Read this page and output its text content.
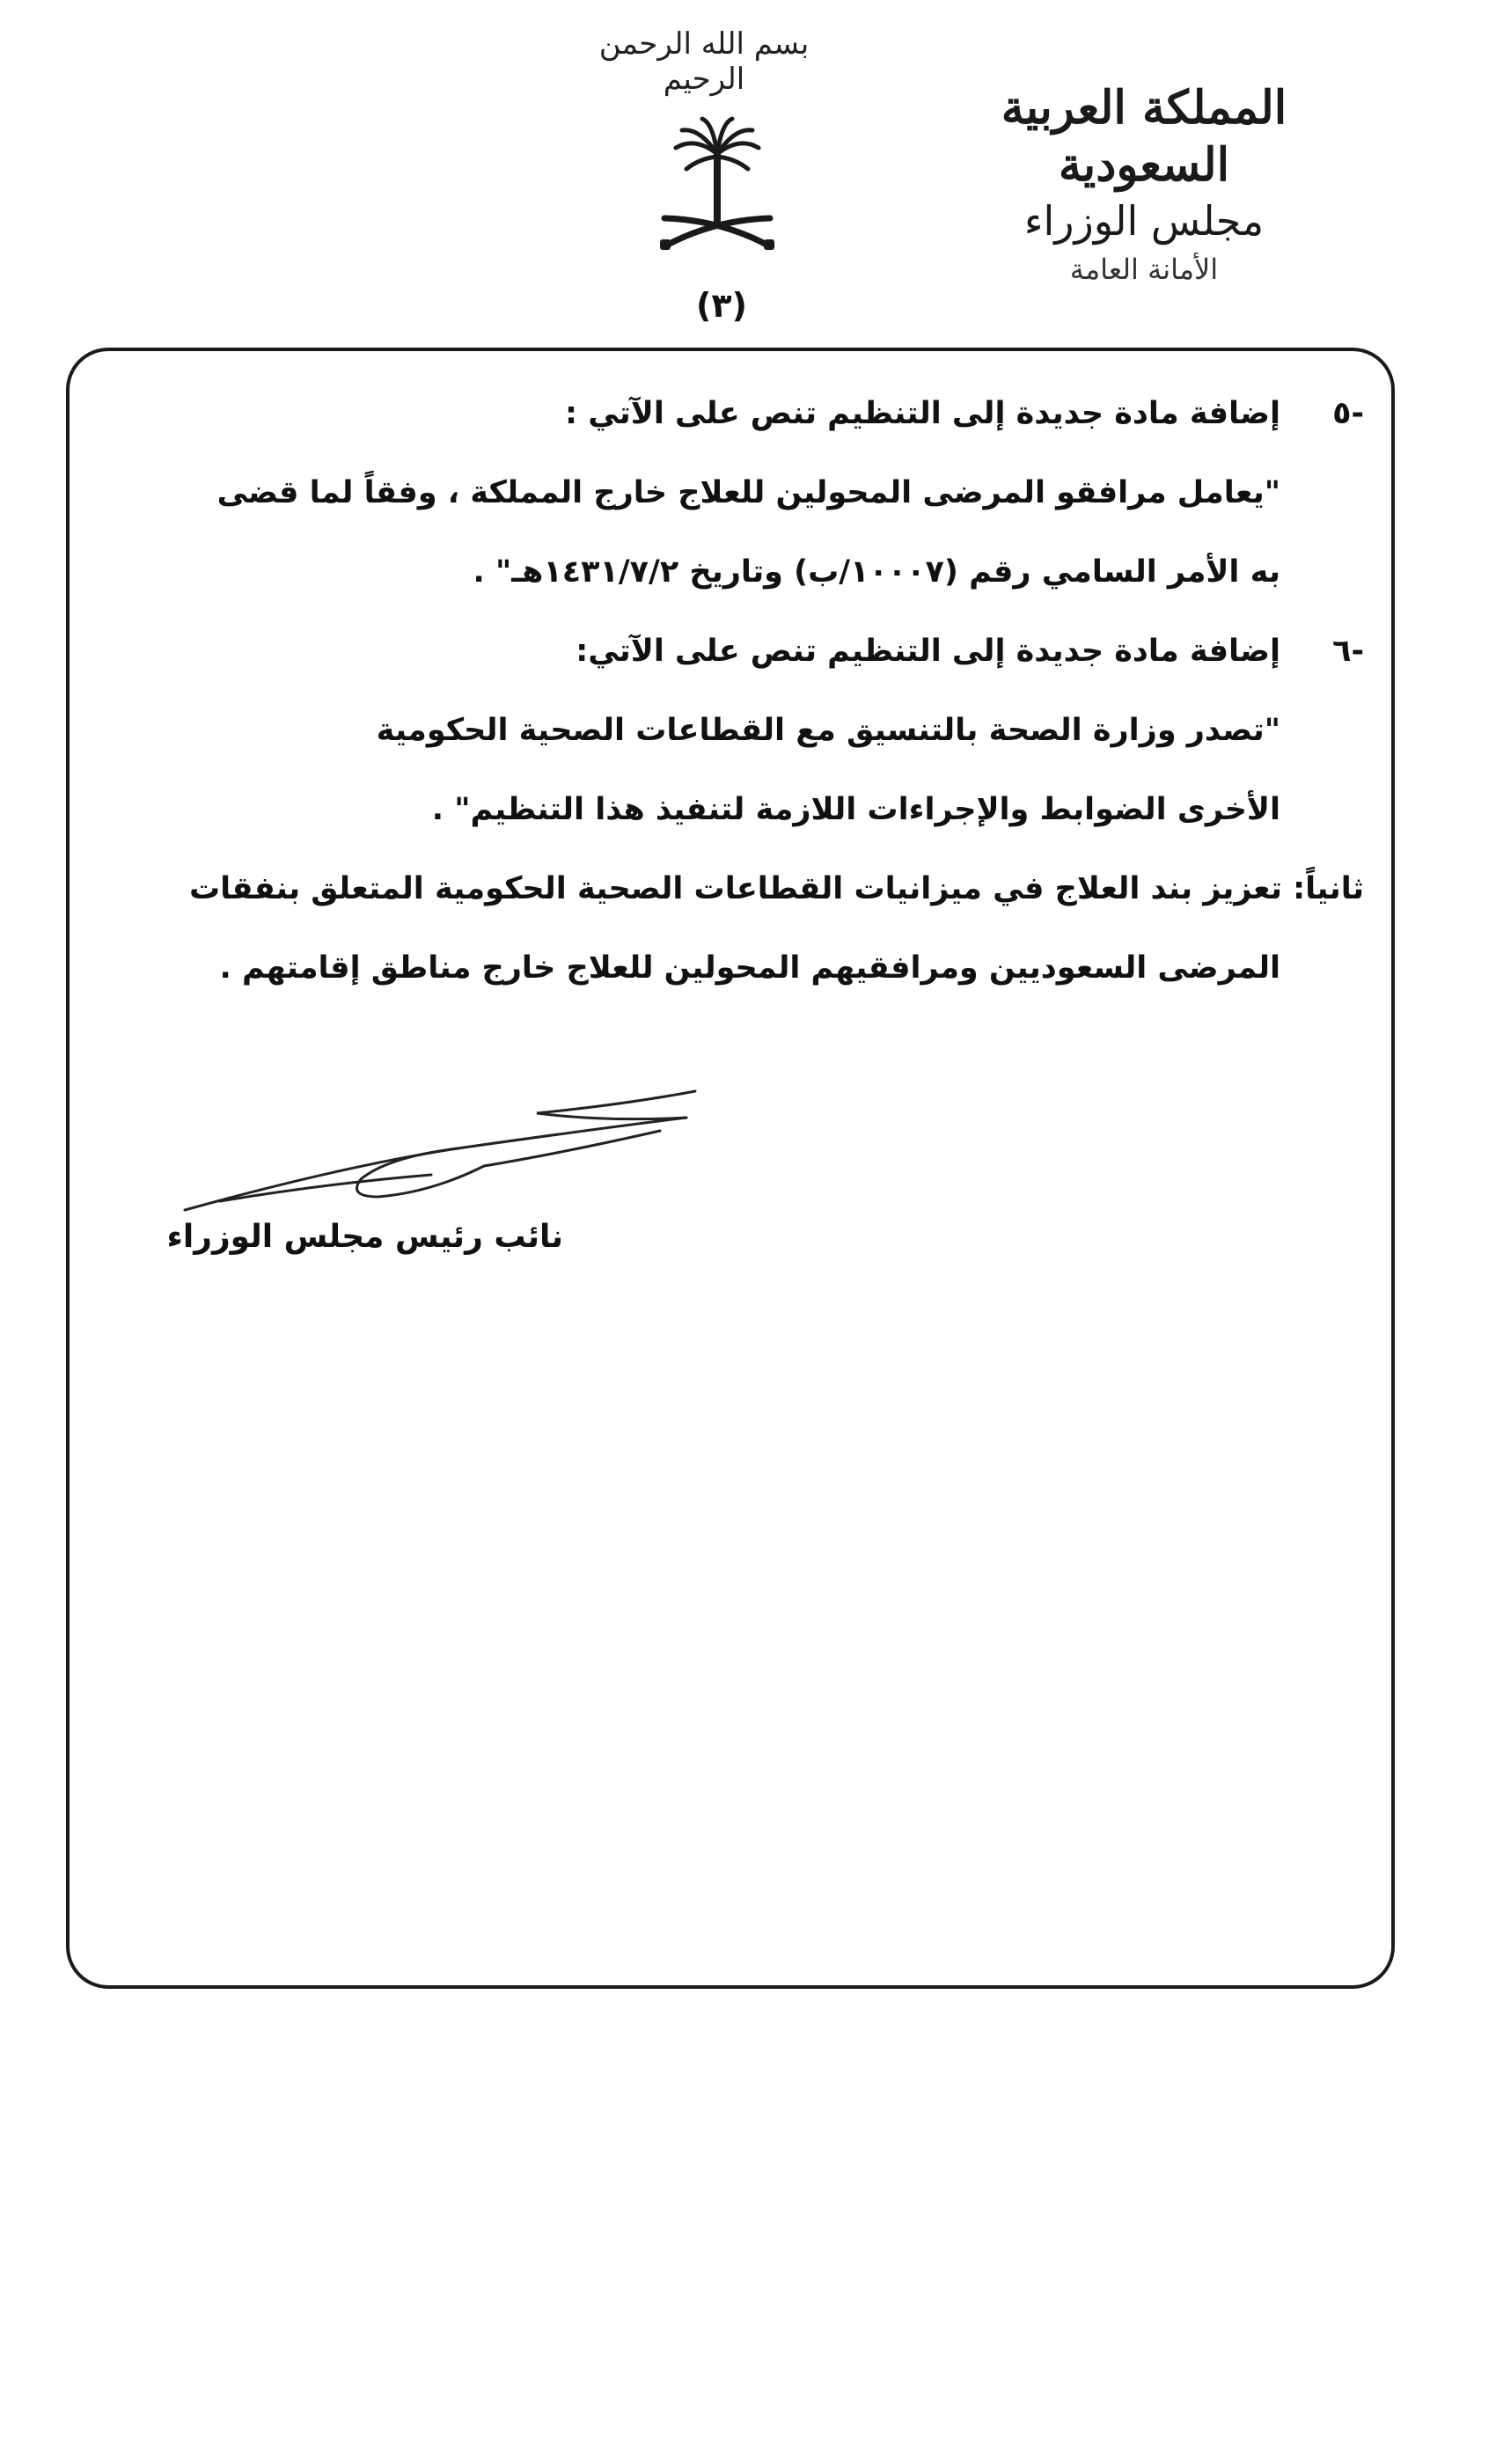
بسم الله الرحمن الرحيم
المملكة العربية السعودية
مجلس الوزراء
الأمانة العامة
(٣)
-٥
إضافة مادة جديدة إلى التنظيم تنص على الآتي :
"يعامل مرافقو المرضى المحولين للعلاج خارج المملكة ، وفقاً لما قضى
به الأمر السامي رقم (١٠٠٠٧/ب) وتاريخ ١٤٣١/٧/٢هـ" .
-٦
إضافة مادة جديدة إلى التنظيم تنص على الآتي:
"تصدر وزارة الصحة بالتنسيق مع القطاعات الصحية الحكومية
الأخرى الضوابط والإجراءات اللازمة لتنفيذ هذا التنظيم" .
ثانياً: تعزيز بند العلاج في ميزانيات القطاعات الصحية الحكومية المتعلق بنفقات
المرضى السعوديين ومرافقيهم المحولين للعلاج خارج مناطق إقامتهم .
نائب رئيس مجلس الوزراء
